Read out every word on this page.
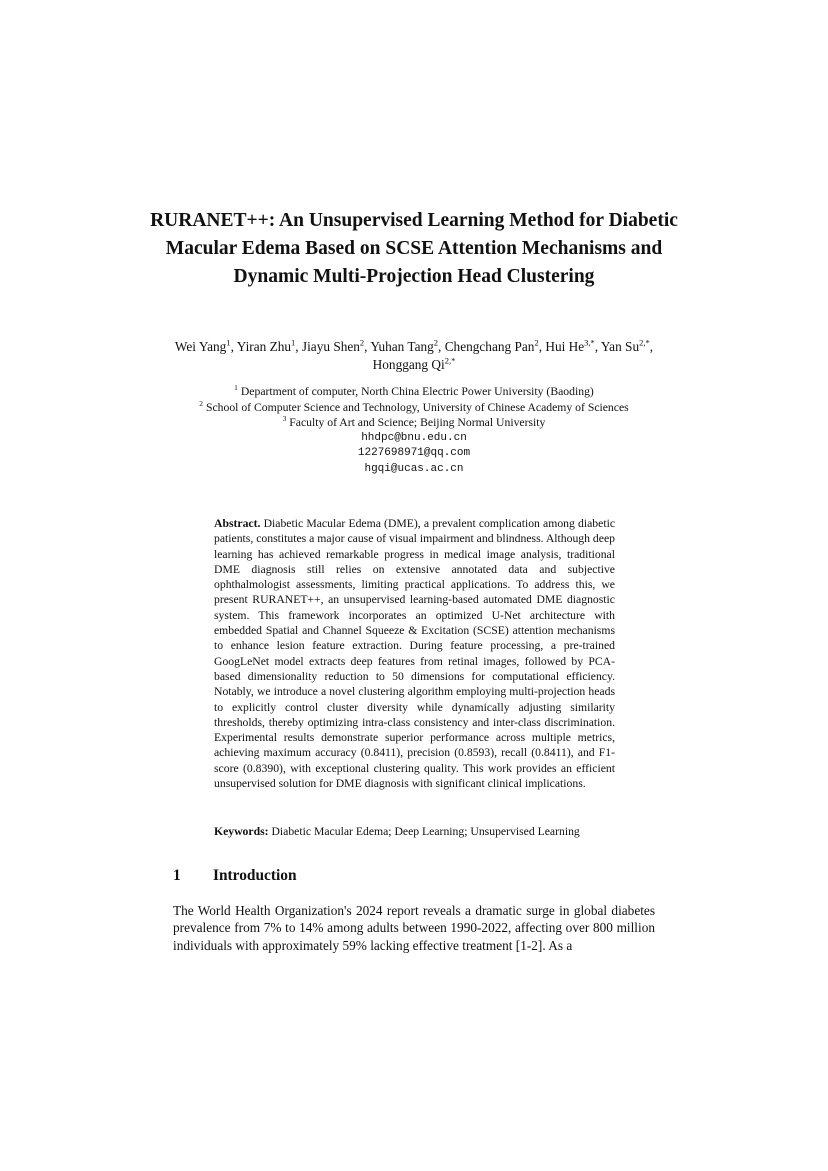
RURANET++: An Unsupervised Learning Method for Diabetic Macular Edema Based on SCSE Attention Mechanisms and Dynamic Multi-Projection Head Clustering

Wei Yang$^1$, Yiran Zhu$^1$, Jiayu Shen$^2$, Yuhan Tang$^2$, Chengchang Pan$^2$, Hui $He^{3,*}$, Yan $Su^{2,*}$, Honggang $Qi^{2,*}$

$^1$ Department of computer, North China Electric Power University (Baoding)
$^2$ School of Computer Science and Technology, University of Chinese Academy of Sciences
$^3$ Faculty of Art and Science; Beijing Normal University
hhdpc@bnu.edu.cn
1227698971@qq.com
hgqi@ucas.ac.cn

Abstract. Diabetic Macular Edema (DME), a prevalent complication among diabetic patients, constitutes a major cause of visual impairment and blindness. Although deep learning has achieved remarkable progress in medical image analysis, traditional DME diagnosis still relies on extensive annotated data and subjective ophthalmologist assessments, limiting practical applications. To address this, we present RURANET++, an unsupervised learning-based automated DME diagnostic system. This framework incorporates an optimized U-Net architecture with embedded Spatial and Channel Squeeze & Excitation (SCSE) attention mechanisms to enhance lesion feature extraction. During feature processing, a pre-trained GoogLeNet model extracts deep features from retinal images, followed by PCA-based dimensionality reduction to 50 dimensions for computational efficiency. Notably, we introduce a novel clustering algorithm employing multi-projection heads to explicitly control cluster diversity while dynamically adjusting similarity thresholds, thereby optimizing intra-class consistency and inter-class discrimination. Experimental results demonstrate superior performance across multiple metrics, achieving maximum accuracy (0.8411), precision (0.8593), recall (0.8411), and F1-score (0.8390), with exceptional clustering quality. This work provides an efficient unsupervised solution for DME diagnosis with significant clinical implications.

Keywords: Diabetic Macular Edema; Deep Learning; Unsupervised Learning

1 Introduction

The World Health Organization's 2024 report reveals a dramatic surge in global diabetes prevalence from 7% to 14% among adults between 1990-2022, affecting over 800 million individuals with approximately 59% lacking effective treatment [1-2]. As a
